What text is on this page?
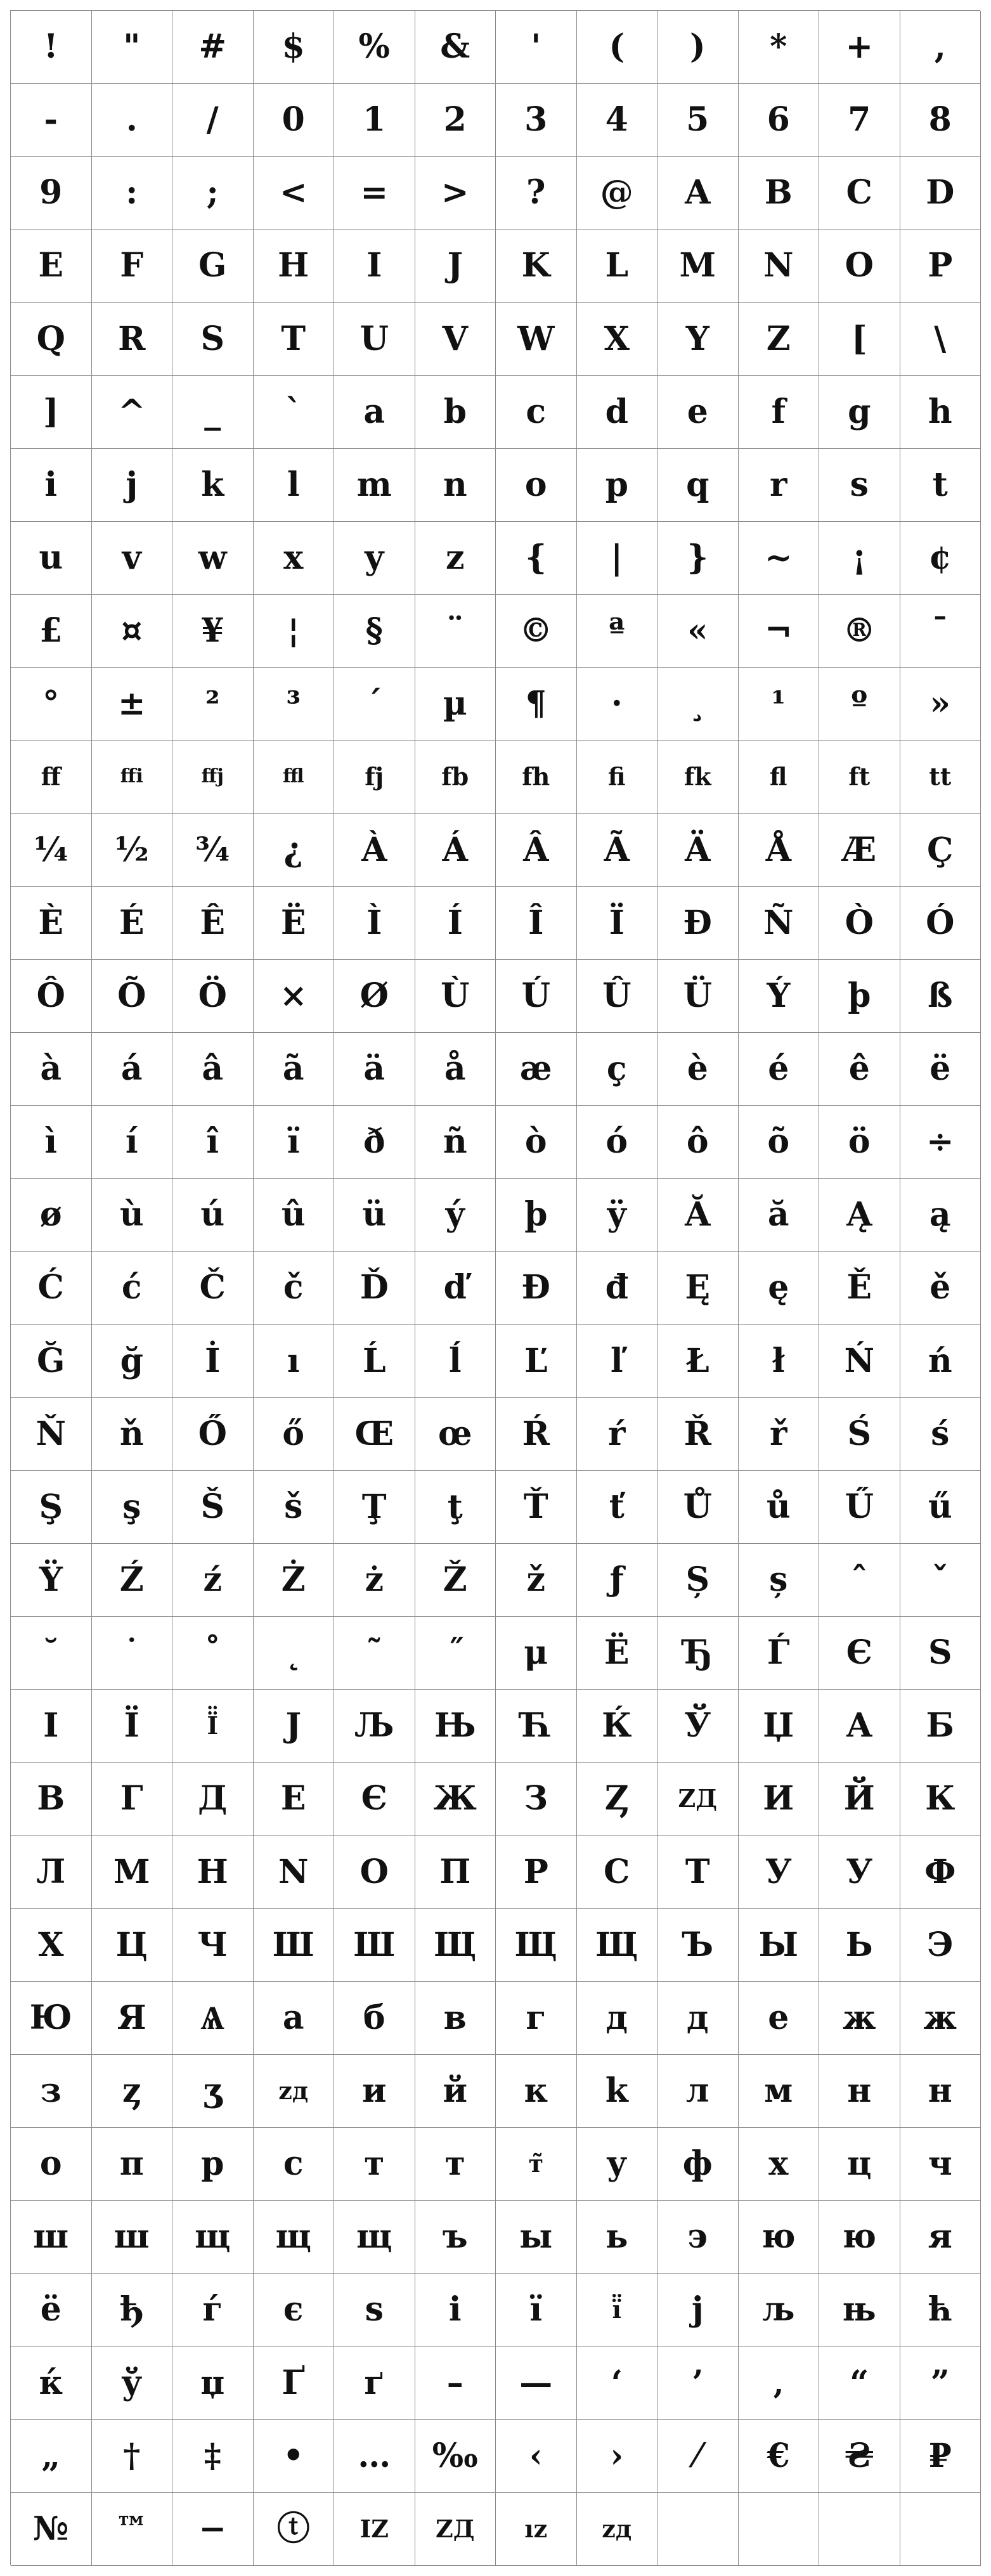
! " # $ % & ' ( ) * + ,
- . / 0 1 2 3 4 5 6 7 8
9 : ; < = > ? @ A B C D
E F G H I J K L M N O P
Q R S T U V W X Y Z [ \
] ^ _ ` a b c d e f g h
i j k l m n o p q r s t
u v w x y z { | } ~ ¡ ¢
£ ¤ ¥ ¦ § ¨ © ª « ¬ ® ¯
° ± ² ³ ´ µ ¶ · ¸ ¹ º »
ff	ffi	ffj	ffl	fj fb fh fi fk fl	ft tt
¼ ½ ¾ ¿ À Á Â Ã Ä Å Æ Ç
È É Ê Ë Ì Í Î Ï Ð Ñ Ò Ó
Ô Õ Ö × Ø Ù Ú Û Ü Ý þ ß
à á â ã ä å æ ç è é ê ë
ì í î ï ð ñ ò ó ô õ ö ÷
ø ù ú û ü ý þ ÿ Ă ă Ą ą
Ć ć Č č Ď ď Đ đ Ę ę Ě ě
Ğ ğ İ ı Ĺ ĺ Ľ ľ Ł ł Ń ń
Ň ň Ő ő Œ œ Ŕ ŕ Ř ř Ś ś
Ş ş Š š Ţ ţ Ť ť Ů ů Ű ű
Ÿ Ź ź Ż ż Ž ž ƒ Ș ș ˆ ˇ
˘ ˙ ˚ ˛ ˜ ˝ μ Ё Ђ Ѓ Є Ѕ
І Ї	Ї̈ Ј Љ Њ Ћ Ќ Ў Џ А Б
В Г Д Е Є Ж З Ȥ ZД И Й К
Л М Н N О П Р С Т У У Ф
Х Ц Ч Ш Ш Щ Щ Щ Ъ Ы Ь Э
Ю Я Ѧ а б в г д д е ж ж
з ȥ ʒ zд и й к k л м н н
о п р с т т	т̃ у ф х ц ч
ш ш щ щ щ ъ ы ь э ю ю я
ё ђ ѓ є ѕ і ї	ї̈ ј љ њ ћ
ќ ў џ Ґ ґ – — ‘ ’ ‚ “ ”
„ † ‡ • … ‰ ‹ › ⁄ € ₴ ₽
№ ™ − ⓣ IZ ZД ız zд
